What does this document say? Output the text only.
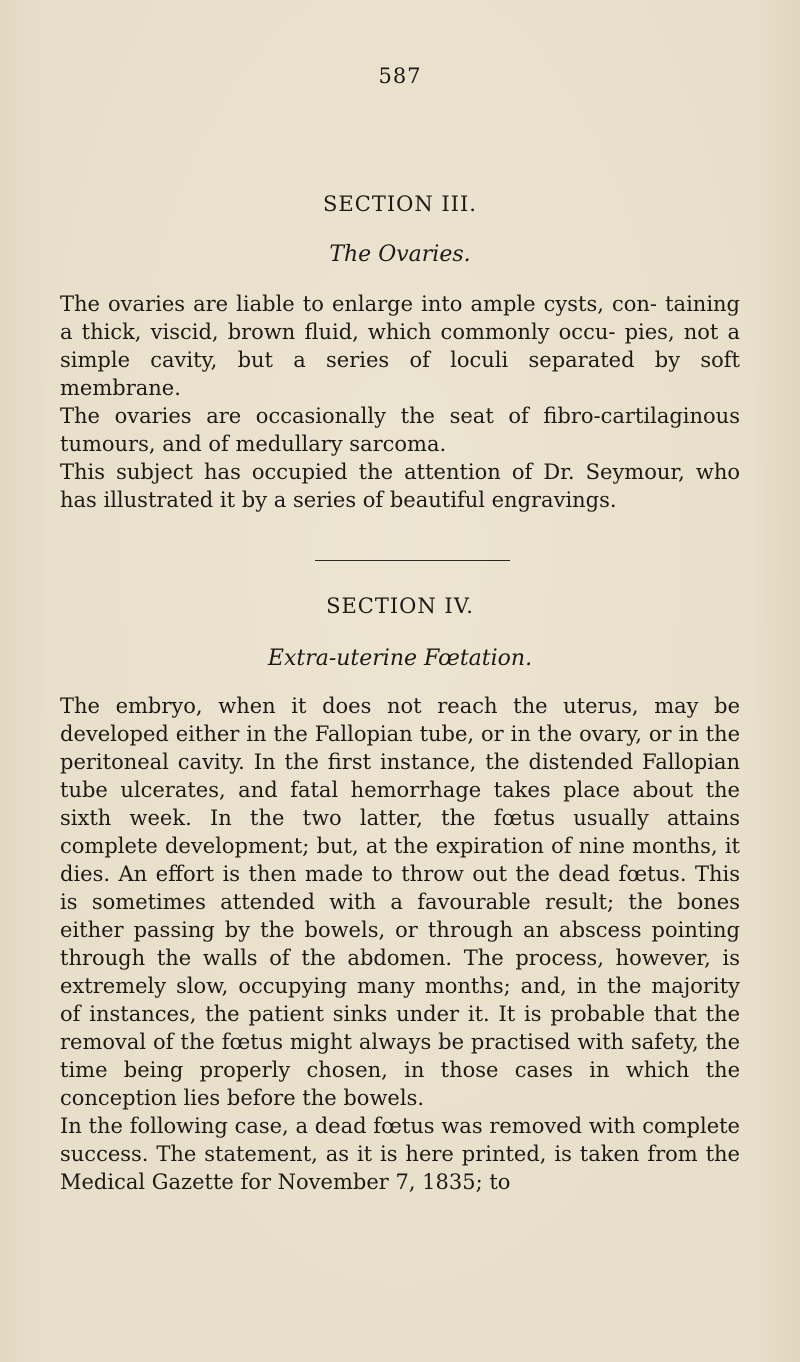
587
SECTION III.
The Ovaries.

The ovaries are liable to enlarge into ample cysts, con- taining a thick, viscid, brown fluid, which commonly occu- pies, not a simple cavity, but a series of loculi separated by soft membrane.

The ovaries are occasionally the seat of fibro-cartilaginous tumours, and of medullary sarcoma.

This subject has occupied the attention of Dr. Seymour, who has illustrated it by a series of beautiful engravings.

SECTION IV.
Extra-uterine Fœtation.

The embryo, when it does not reach the uterus, may be developed either in the Fallopian tube, or in the ovary, or in the peritoneal cavity. In the first instance, the distended Fallopian tube ulcerates, and fatal hemorrhage takes place about the sixth week. In the two latter, the fœtus usually attains complete development; but, at the expiration of nine months, it dies. An effort is then made to throw out the dead fœtus. This is sometimes attended with a favourable result; the bones either passing by the bowels, or through an abscess pointing through the walls of the abdomen. The process, however, is extremely slow, occupying many months; and, in the majority of instances, the patient sinks under it. It is probable that the removal of the fœtus might always be practised with safety, the time being properly chosen, in those cases in which the conception lies before the bowels.

In the following case, a dead fœtus was removed with complete success. The statement, as it is here printed, is taken from the Medical Gazette for November 7, 1835; to
